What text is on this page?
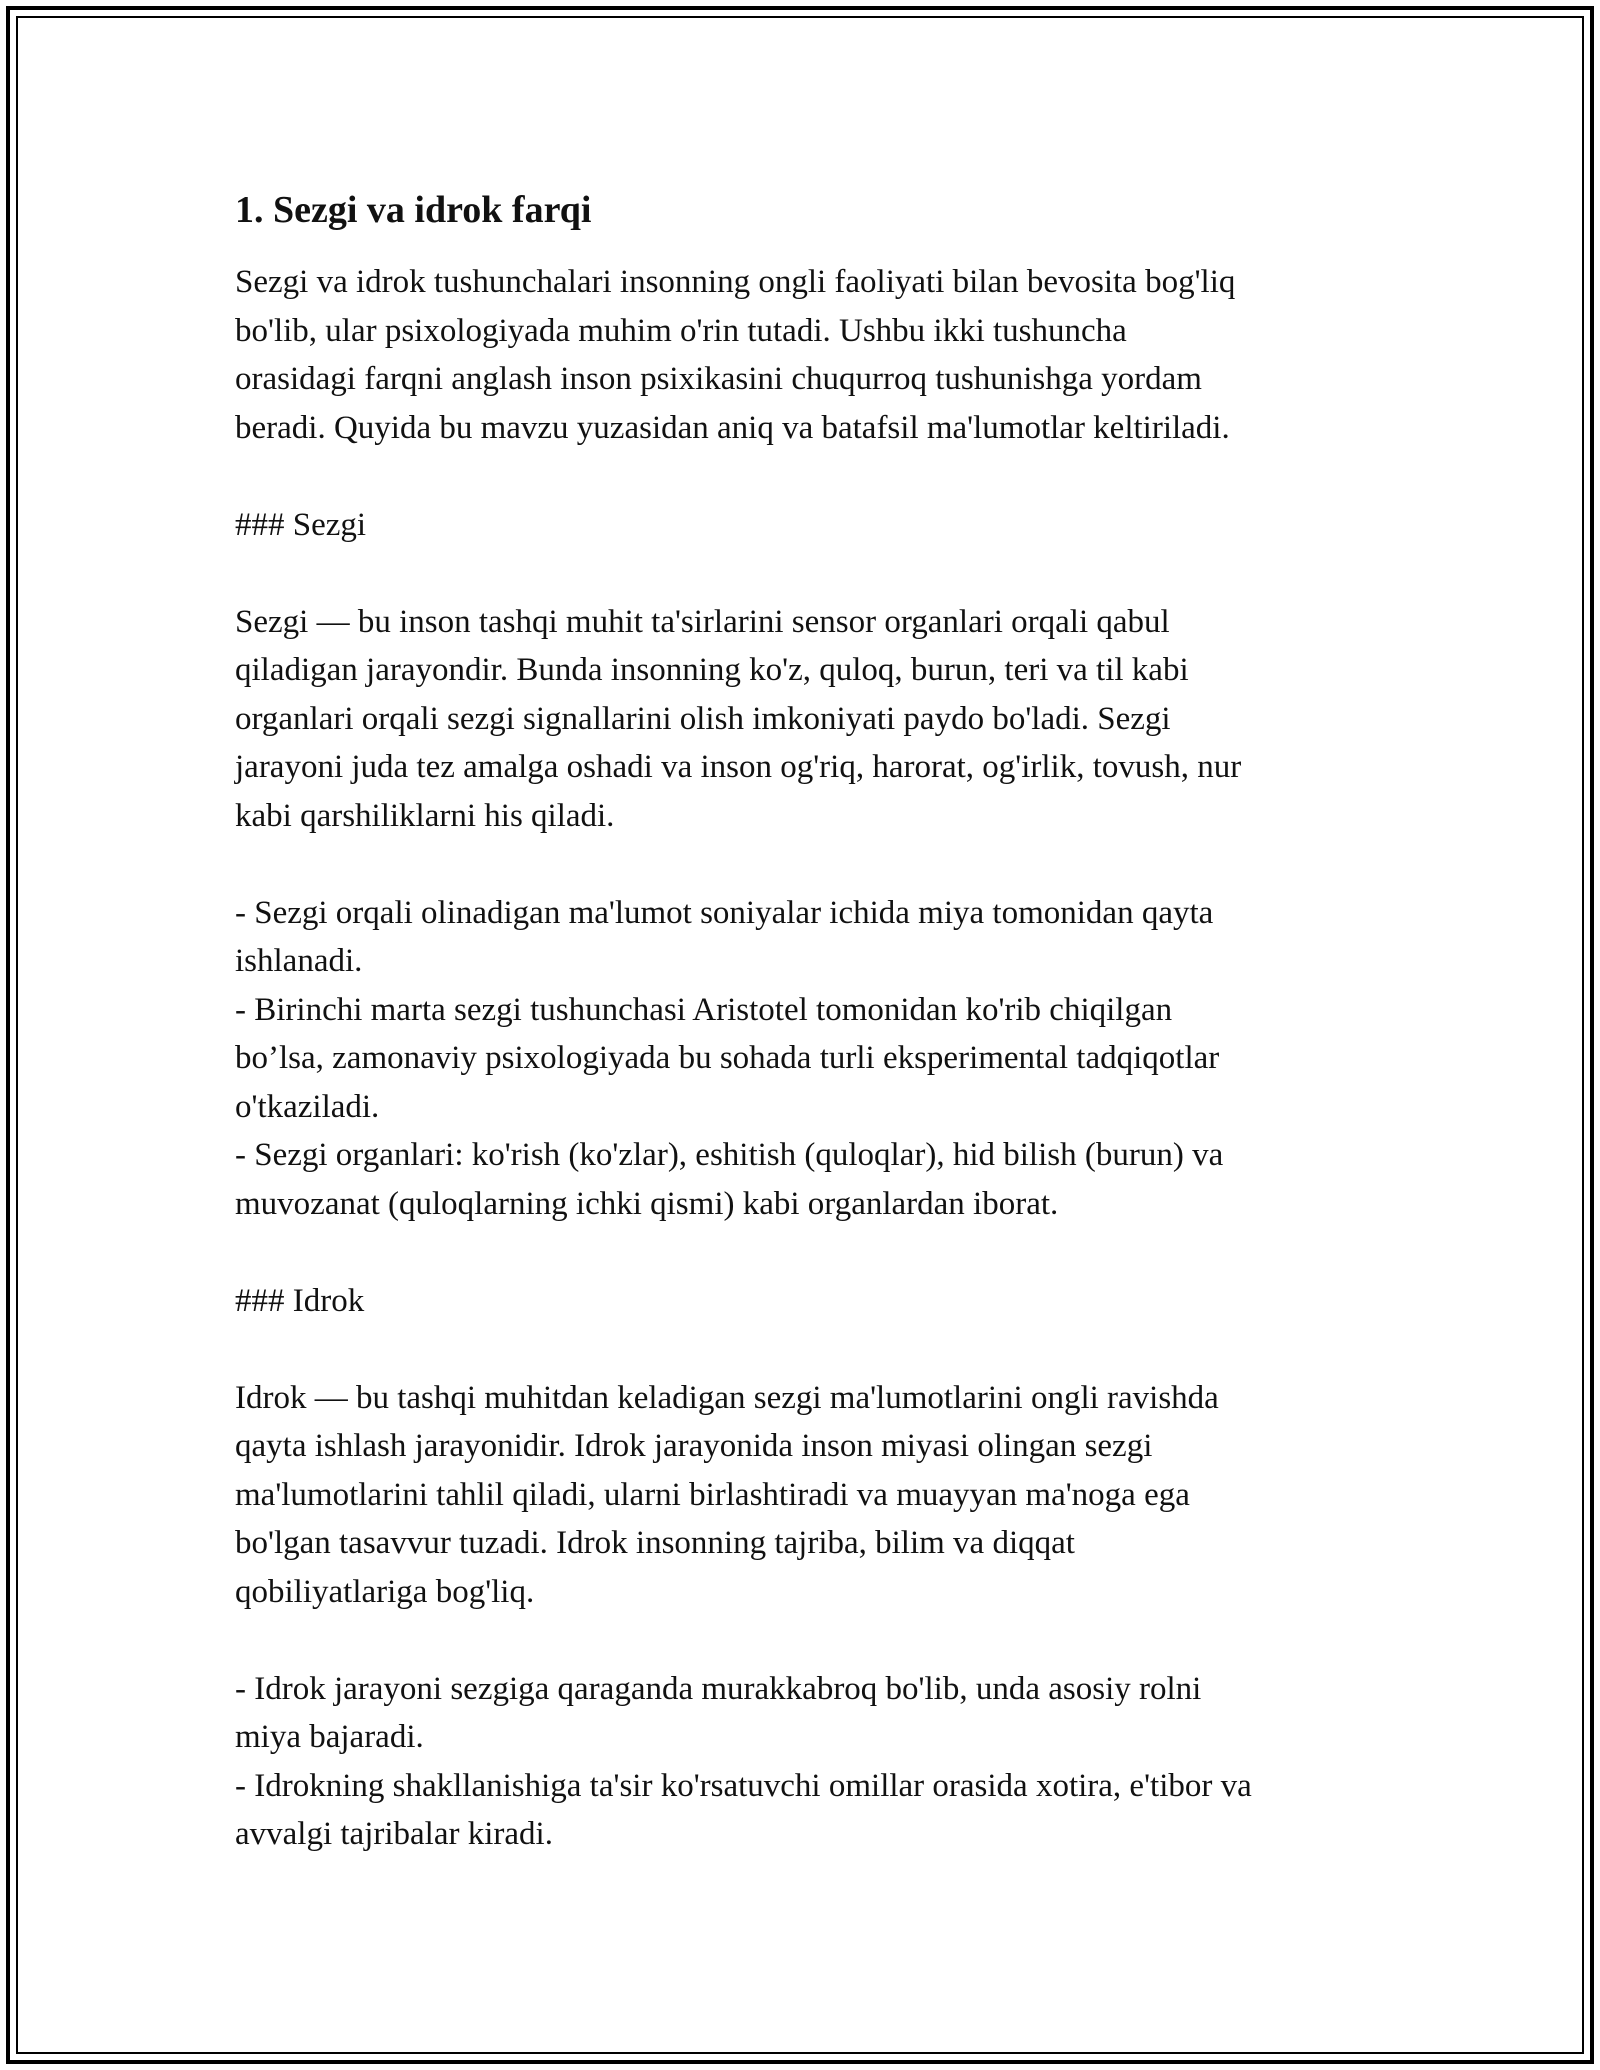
1. Sezgi va idrok farqi

Sezgi va idrok tushunchalari insonning ongli faoliyati bilan bevosita bog'liq
bo'lib, ular psixologiyada muhim o'rin tutadi. Ushbu ikki tushuncha
orasidagi farqni anglash inson psixikasini chuqurroq tushunishga yordam
beradi. Quyida bu mavzu yuzasidan aniq va batafsil ma'lumotlar keltiriladi.

### Sezgi

Sezgi — bu inson tashqi muhit ta'sirlarini sensor organlari orqali qabul
qiladigan jarayondir. Bunda insonning ko'z, quloq, burun, teri va til kabi
organlari orqali sezgi signallarini olish imkoniyati paydo bo'ladi. Sezgi
jarayoni juda tez amalga oshadi va inson og'riq, harorat, og'irlik, tovush, nur
kabi qarshiliklarni his qiladi.

- Sezgi orqali olinadigan ma'lumot soniyalar ichida miya tomonidan qayta
ishlanadi.
- Birinchi marta sezgi tushunchasi Aristotel tomonidan ko'rib chiqilgan
bo’lsa, zamonaviy psixologiyada bu sohada turli eksperimental tadqiqotlar
o'tkaziladi.
- Sezgi organlari: ko'rish (ko'zlar), eshitish (quloqlar), hid bilish (burun) va
muvozanat (quloqlarning ichki qismi) kabi organlardan iborat.

### Idrok

Idrok — bu tashqi muhitdan keladigan sezgi ma'lumotlarini ongli ravishda
qayta ishlash jarayonidir. Idrok jarayonida inson miyasi olingan sezgi
ma'lumotlarini tahlil qiladi, ularni birlashtiradi va muayyan ma'noga ega
bo'lgan tasavvur tuzadi. Idrok insonning tajriba, bilim va diqqat
qobiliyatlariga bog'liq.

- Idrok jarayoni sezgiga qaraganda murakkabroq bo'lib, unda asosiy rolni
miya bajaradi.
- Idrokning shakllanishiga ta'sir ko'rsatuvchi omillar orasida xotira, e'tibor va
avvalgi tajribalar kiradi.
